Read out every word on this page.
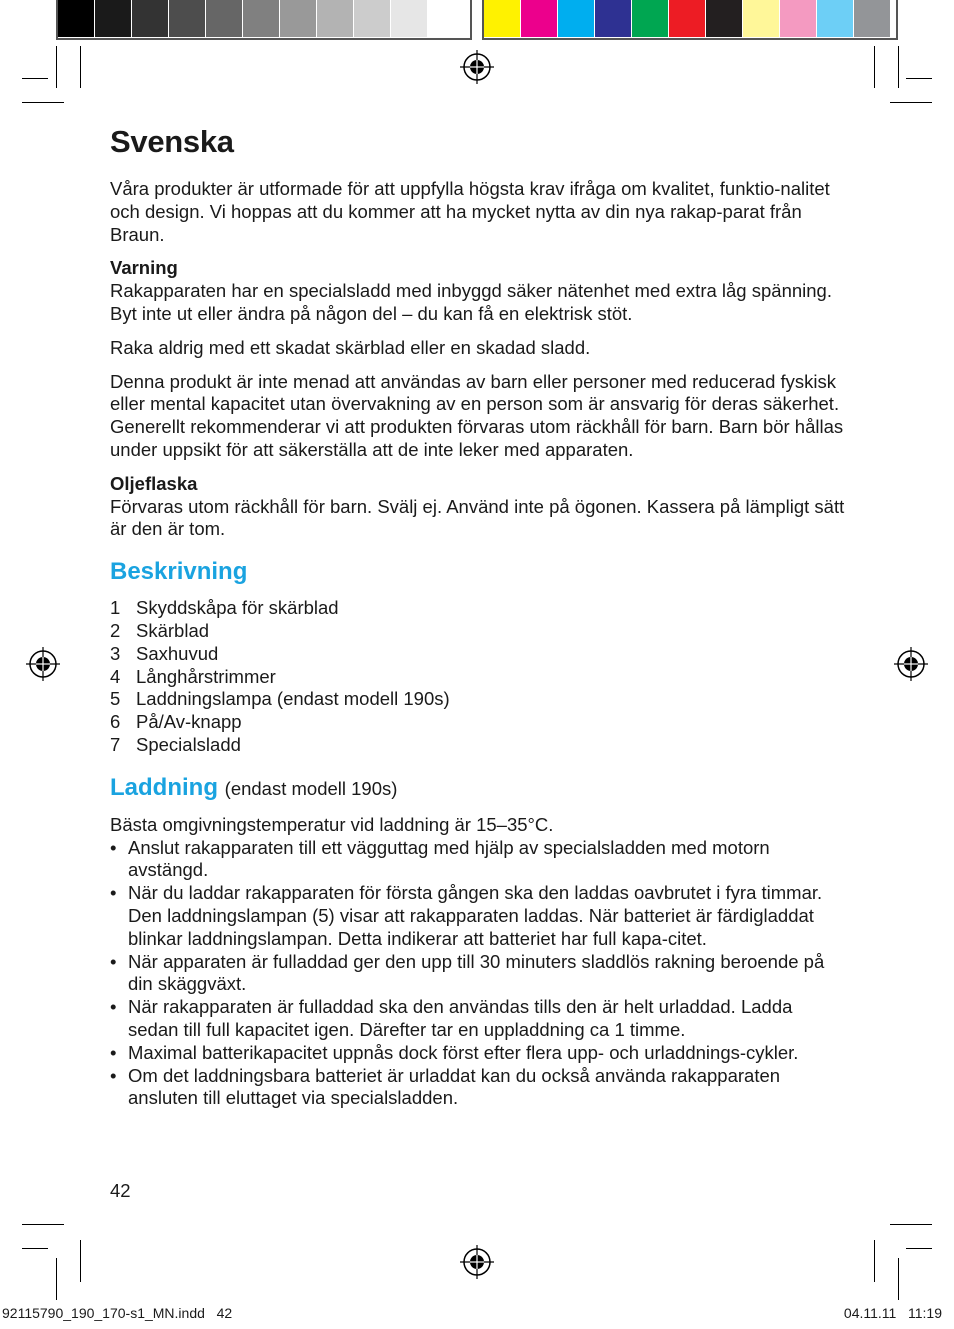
Svenska

Våra produkter är utformade för att uppfylla högsta krav ifråga om kvalitet, funktio-nalitet och design. Vi hoppas att du kommer att ha mycket nytta av din nya rakap-parat från Braun.

Varning
Rakapparaten har en specialsladd med inbyggd säker nätenhet med extra låg spänning. Byt inte ut eller ändra på någon del – du kan få en elektrisk stöt.

Raka aldrig med ett skadat skärblad eller en skadad sladd.

Denna produkt är inte menad att användas av barn eller personer med reducerad fyskisk eller mental kapacitet utan övervakning av en person som är ansvarig för deras säkerhet. Generellt rekommenderar vi att produkten förvaras utom räckhåll för barn. Barn bör hållas under uppsikt för att säkerställa att de inte leker med apparaten.

Oljeflaska
Förvaras utom räckhåll för barn. Svälj ej. Använd inte på ögonen. Kassera på lämpligt sätt är den är tom.

Beskrivning
1 Skyddskåpa för skärblad
2 Skärblad
3 Saxhuvud
4 Långhårstrimmer
5 Laddningslampa (endast modell 190s)
6 På/Av-knapp
7 Specialsladd
Laddning (endast modell 190s)
Bästa omgivningstemperatur vid laddning är 15–35°C.
• Anslut rakapparaten till ett vägguttag med hjälp av specialsladden med motorn avstängd.
• När du laddar rakapparaten för första gången ska den laddas oavbrutet i fyra timmar. Den laddningslampan (5) visar att rakapparaten laddas. När batteriet är färdigladdat blinkar laddningslampan. Detta indikerar att batteriet har full kapa-citet.
• När apparaten är fulladdad ger den upp till 30 minuters sladdlös rakning beroende på din skäggväxt.
• När rakapparaten är fulladdad ska den användas tills den är helt urladdad. Ladda sedan till full kapacitet igen. Därefter tar en uppladdning ca 1 timme.
• Maximal batterikapacitet uppnås dock först efter flera upp- och urladdnings-cykler.
• Om det laddningsbara batteriet är urladdat kan du också använda rakapparaten ansluten till eluttaget via specialsladden.
42
92115790_190_170-s1_MN.indd   42	04.11.11   11:19
